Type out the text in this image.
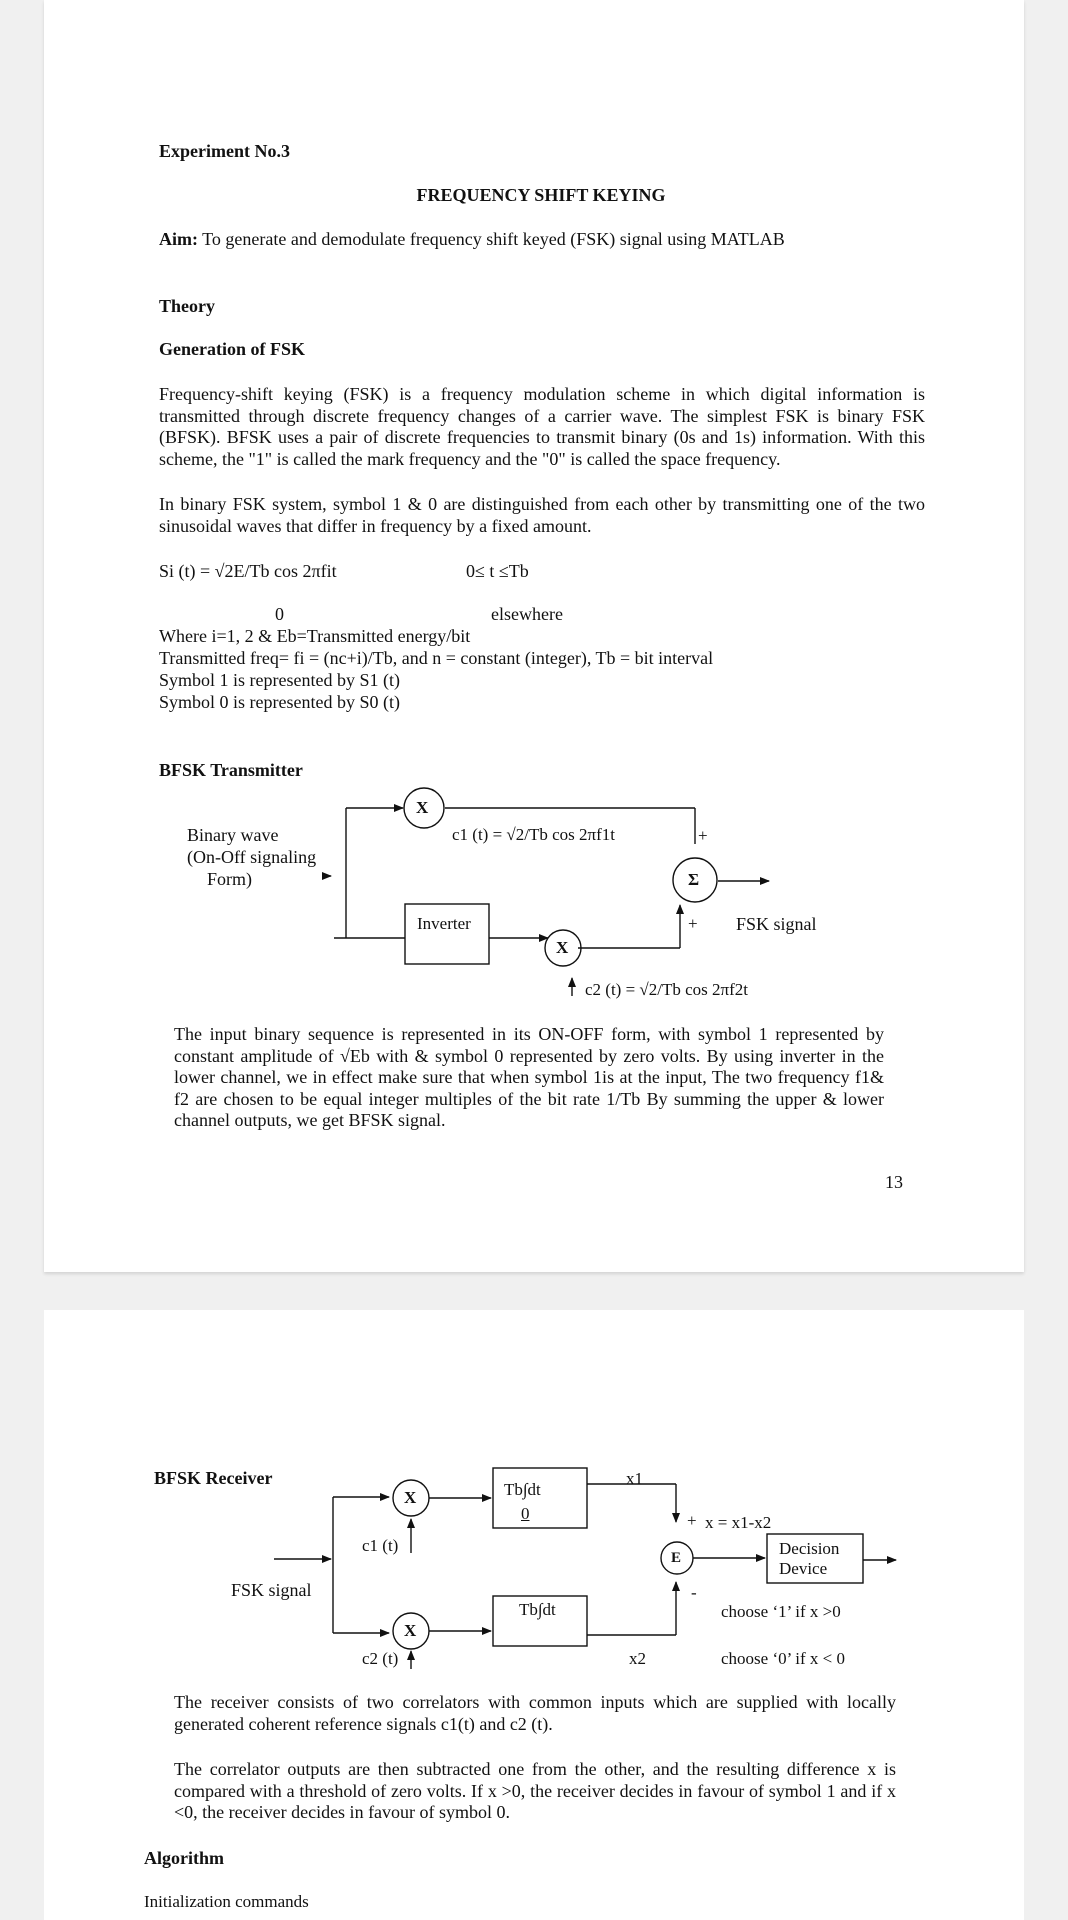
Experiment No.3
FREQUENCY SHIFT KEYING
Aim: To generate and demodulate frequency shift keyed (FSK) signal using MATLAB
Theory
Generation of FSK
Frequency-shift keying (FSK) is a frequency modulation scheme in which digital information is transmitted through discrete frequency changes of a carrier wave. The simplest FSK is binary FSK (BFSK). BFSK uses a pair of discrete frequencies to transmit binary (0s and 1s) information. With this scheme, the "1" is called the mark frequency and the "0" is called the space frequency.
In binary FSK system, symbol 1 & 0 are distinguished from each other by transmitting one of the two sinusoidal waves that differ in frequency by a fixed amount.
Si (t) = √2E/Tb cos 2πfit	0≤ t ≤Tb
0	elsewhere
Where i=1, 2 & Eb=Transmitted energy/bit
Transmitted freq= fi = (nc+i)/Tb, and n = constant (integer), Tb = bit interval
Symbol 1 is represented by S1 (t)
Symbol 0 is represented by S0 (t)
BFSK Transmitter
Binary wave
(On-Off signaling
Form)
X
c1 (t) = √2/Tb cos 2πf1t	+
Σ
Inverter	+ FSK signal
X
c2 (t) = √2/Tb cos 2πf2t
The input binary sequence is represented in its ON-OFF form, with symbol 1 represented by constant amplitude of √Eb with & symbol 0 represented by zero volts. By using inverter in the lower channel, we in effect make sure that when symbol 1is at the input, The two frequency f1& f2 are chosen to be equal integer multiples of the bit rate 1/Tb By summing the upper & lower channel outputs, we get BFSK signal.
13
BFSK Receiver
X	Tb∫dt
0
x1
+ x = x1-x2
c1 (t)
E	Decision
Device
FSK signal	-
Tb∫dt	choose ‘1’ if x >0
X
c2 (t)	x2	choose ‘0’ if x < 0
The receiver consists of two correlators with common inputs which are supplied with locally generated coherent reference signals c1(t) and c2 (t).
The correlator outputs are then subtracted one from the other, and the resulting difference x is compared with a threshold of zero volts. If x >0, the receiver decides in favour of symbol 1 and if x <0, the receiver decides in favour of symbol 0.
Algorithm
Initialization commands
